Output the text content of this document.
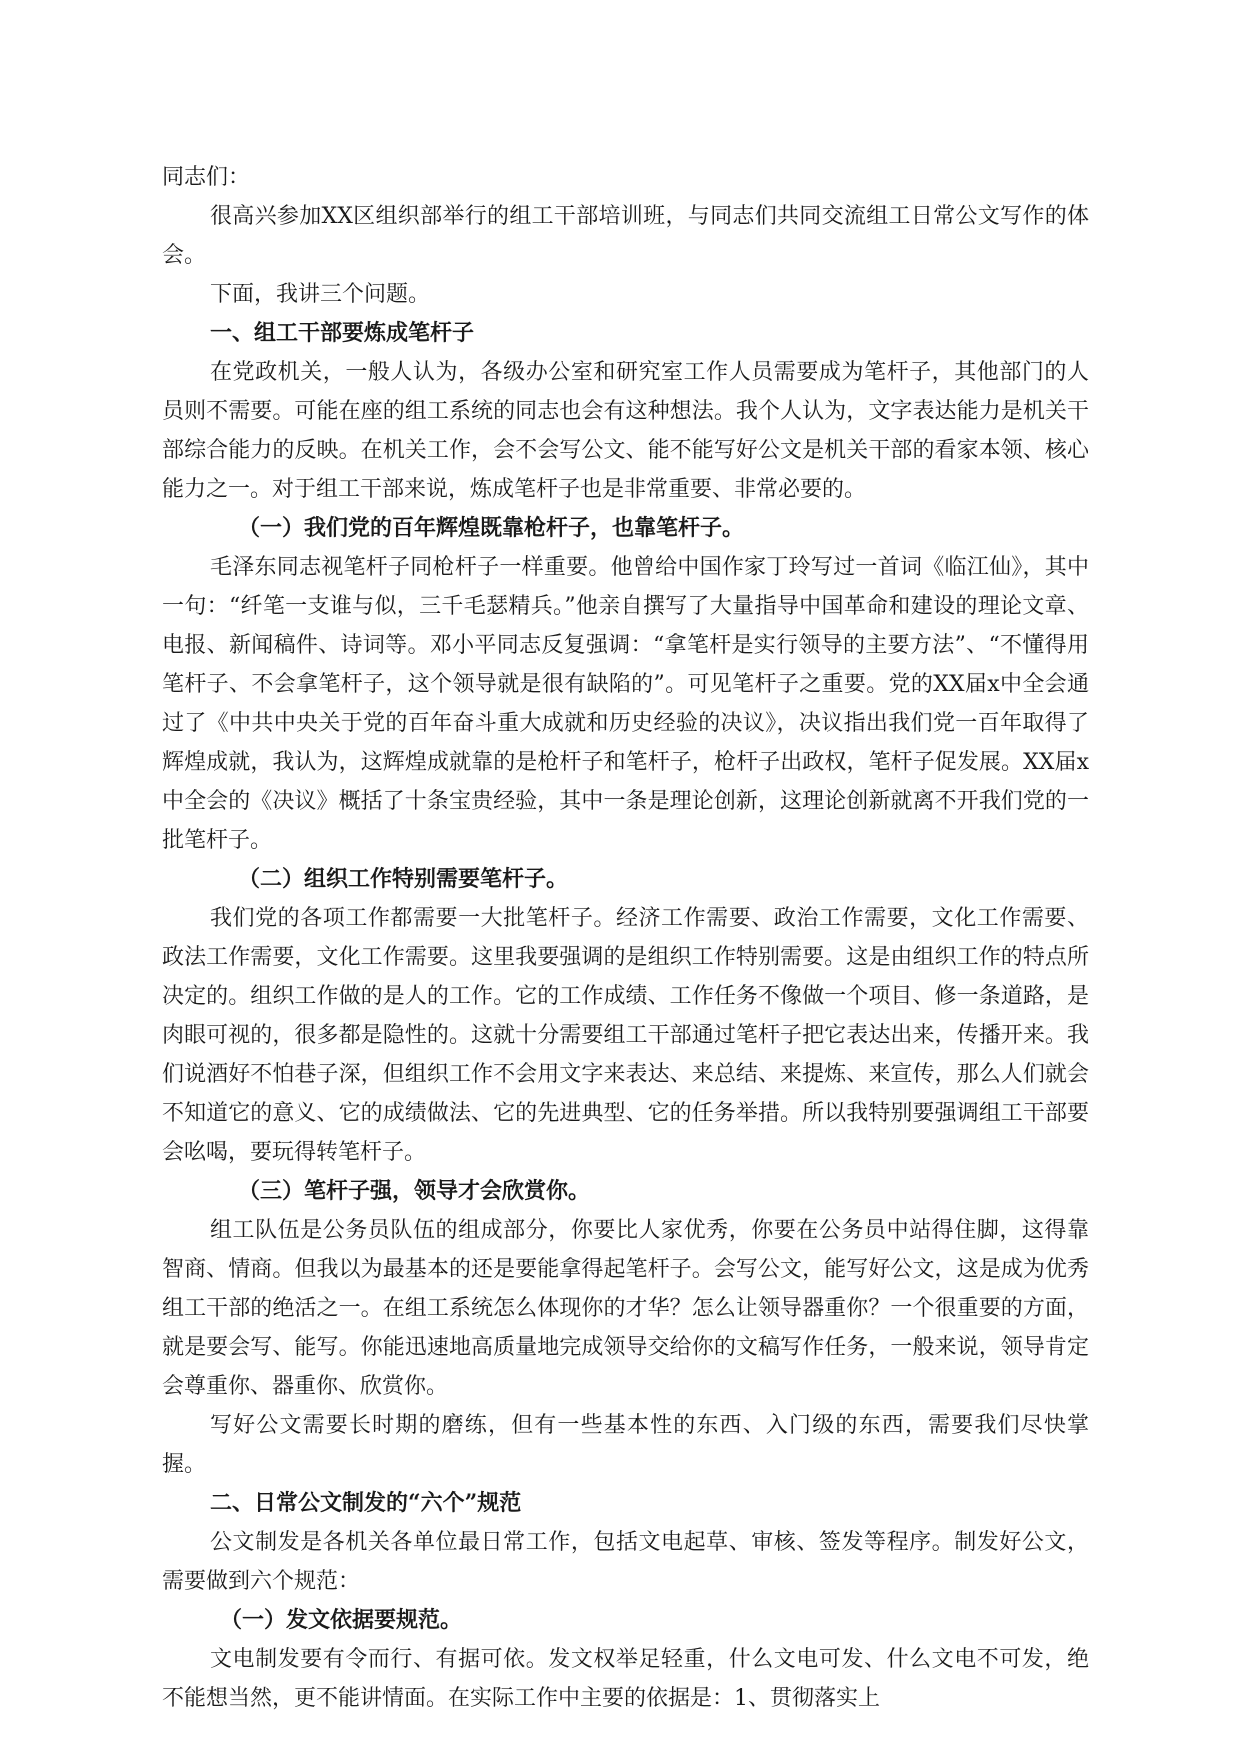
同志们：

很高兴参加XX区组织部举行的组工干部培训班，与同志们共同交流组工日常公文写作的体会。

下面，我讲三个问题。

一、组工干部要炼成笔杆子

在党政机关，一般人认为，各级办公室和研究室工作人员需要成为笔杆子，其他部门的人员则不需要。可能在座的组工系统的同志也会有这种想法。我个人认为，文字表达能力是机关干部综合能力的反映。在机关工作，会不会写公文、能不能写好公文是机关干部的看家本领、核心能力之一。对于组工干部来说，炼成笔杆子也是非常重要、非常必要的。

（一）我们党的百年辉煌既靠枪杆子，也靠笔杆子。

毛泽东同志视笔杆子同枪杆子一样重要。他曾给中国作家丁玲写过一首词《临江仙》，其中一句：“纤笔一支谁与似，三千毛瑟精兵。”他亲自撰写了大量指导中国革命和建设的理论文章、电报、新闻稿件、诗词等。邓小平同志反复强调：“拿笔杆是实行领导的主要方法”、“不懂得用笔杆子、不会拿笔杆子，这个领导就是很有缺陷的”。可见笔杆子之重要。党的XX届x中全会通过了《中共中央关于党的百年奋斗重大成就和历史经验的决议》，决议指出我们党一百年取得了辉煌成就，我认为，这辉煌成就靠的是枪杆子和笔杆子，枪杆子出政权，笔杆子促发展。XX届x中全会的《决议》概括了十条宝贵经验，其中一条是理论创新，这理论创新就离不开我们党的一批笔杆子。

（二）组织工作特别需要笔杆子。

我们党的各项工作都需要一大批笔杆子。经济工作需要、政治工作需要，文化工作需要、政法工作需要，文化工作需要。这里我要强调的是组织工作特别需要。这是由组织工作的特点所决定的。组织工作做的是人的工作。它的工作成绩、工作任务不像做一个项目、修一条道路，是肉眼可视的，很多都是隐性的。这就十分需要组工干部通过笔杆子把它表达出来，传播开来。我们说酒好不怕巷子深，但组织工作不会用文字来表达、来总结、来提炼、来宣传，那么人们就会不知道它的意义、它的成绩做法、它的先进典型、它的任务举措。所以我特别要强调组工干部要会吆喝，要玩得转笔杆子。

（三）笔杆子强，领导才会欣赏你。

组工队伍是公务员队伍的组成部分，你要比人家优秀，你要在公务员中站得住脚，这得靠智商、情商。但我以为最基本的还是要能拿得起笔杆子。会写公文，能写好公文，这是成为优秀组工干部的绝活之一。在组工系统怎么体现你的才华？怎么让领导器重你？一个很重要的方面，就是要会写、能写。你能迅速地高质量地完成领导交给你的文稿写作任务，一般来说，领导肯定会尊重你、器重你、欣赏你。

写好公文需要长时期的磨练，但有一些基本性的东西、入门级的东西，需要我们尽快掌握。

二、日常公文制发的“六个”规范

公文制发是各机关各单位最日常工作，包括文电起草、审核、签发等程序。制发好公文，需要做到六个规范：

（一）发文依据要规范。

文电制发要有令而行、有据可依。发文权举足轻重，什么文电可发、什么文电不可发，绝不能想当然，更不能讲情面。在实际工作中主要的依据是：1、贯彻落实上
